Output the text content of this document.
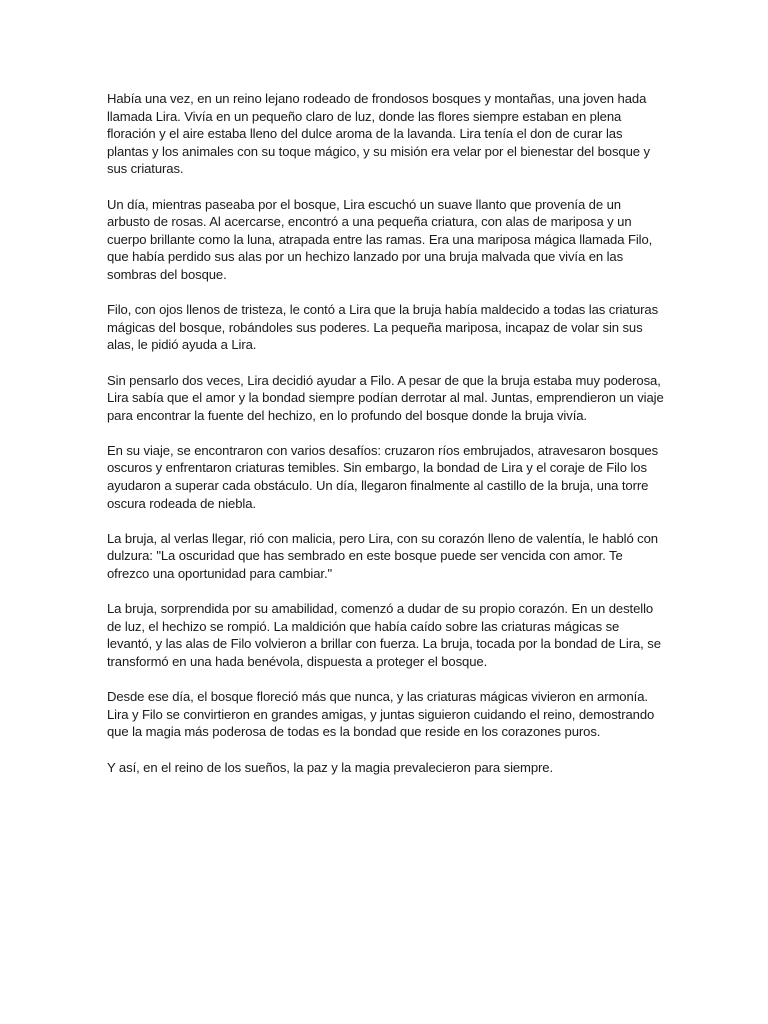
Había una vez, en un reino lejano rodeado de frondosos bosques y montañas, una joven hada llamada Lira. Vivía en un pequeño claro de luz, donde las flores siempre estaban en plena floración y el aire estaba lleno del dulce aroma de la lavanda. Lira tenía el don de curar las plantas y los animales con su toque mágico, y su misión era velar por el bienestar del bosque y sus criaturas.

Un día, mientras paseaba por el bosque, Lira escuchó un suave llanto que provenía de un arbusto de rosas. Al acercarse, encontró a una pequeña criatura, con alas de mariposa y un cuerpo brillante como la luna, atrapada entre las ramas. Era una mariposa mágica llamada Filo, que había perdido sus alas por un hechizo lanzado por una bruja malvada que vivía en las sombras del bosque.

Filo, con ojos llenos de tristeza, le contó a Lira que la bruja había maldecido a todas las criaturas mágicas del bosque, robándoles sus poderes. La pequeña mariposa, incapaz de volar sin sus alas, le pidió ayuda a Lira.

Sin pensarlo dos veces, Lira decidió ayudar a Filo. A pesar de que la bruja estaba muy poderosa, Lira sabía que el amor y la bondad siempre podían derrotar al mal. Juntas, emprendieron un viaje para encontrar la fuente del hechizo, en lo profundo del bosque donde la bruja vivía.

En su viaje, se encontraron con varios desafíos: cruzaron ríos embrujados, atravesaron bosques oscuros y enfrentaron criaturas temibles. Sin embargo, la bondad de Lira y el coraje de Filo los ayudaron a superar cada obstáculo. Un día, llegaron finalmente al castillo de la bruja, una torre oscura rodeada de niebla.

La bruja, al verlas llegar, rió con malicia, pero Lira, con su corazón lleno de valentía, le habló con dulzura: "La oscuridad que has sembrado en este bosque puede ser vencida con amor. Te ofrezco una oportunidad para cambiar."

La bruja, sorprendida por su amabilidad, comenzó a dudar de su propio corazón. En un destello de luz, el hechizo se rompió. La maldición que había caído sobre las criaturas mágicas se levantó, y las alas de Filo volvieron a brillar con fuerza. La bruja, tocada por la bondad de Lira, se transformó en una hada benévola, dispuesta a proteger el bosque.

Desde ese día, el bosque floreció más que nunca, y las criaturas mágicas vivieron en armonía. Lira y Filo se convirtieron en grandes amigas, y juntas siguieron cuidando el reino, demostrando que la magia más poderosa de todas es la bondad que reside en los corazones puros.

Y así, en el reino de los sueños, la paz y la magia prevalecieron para siempre.
